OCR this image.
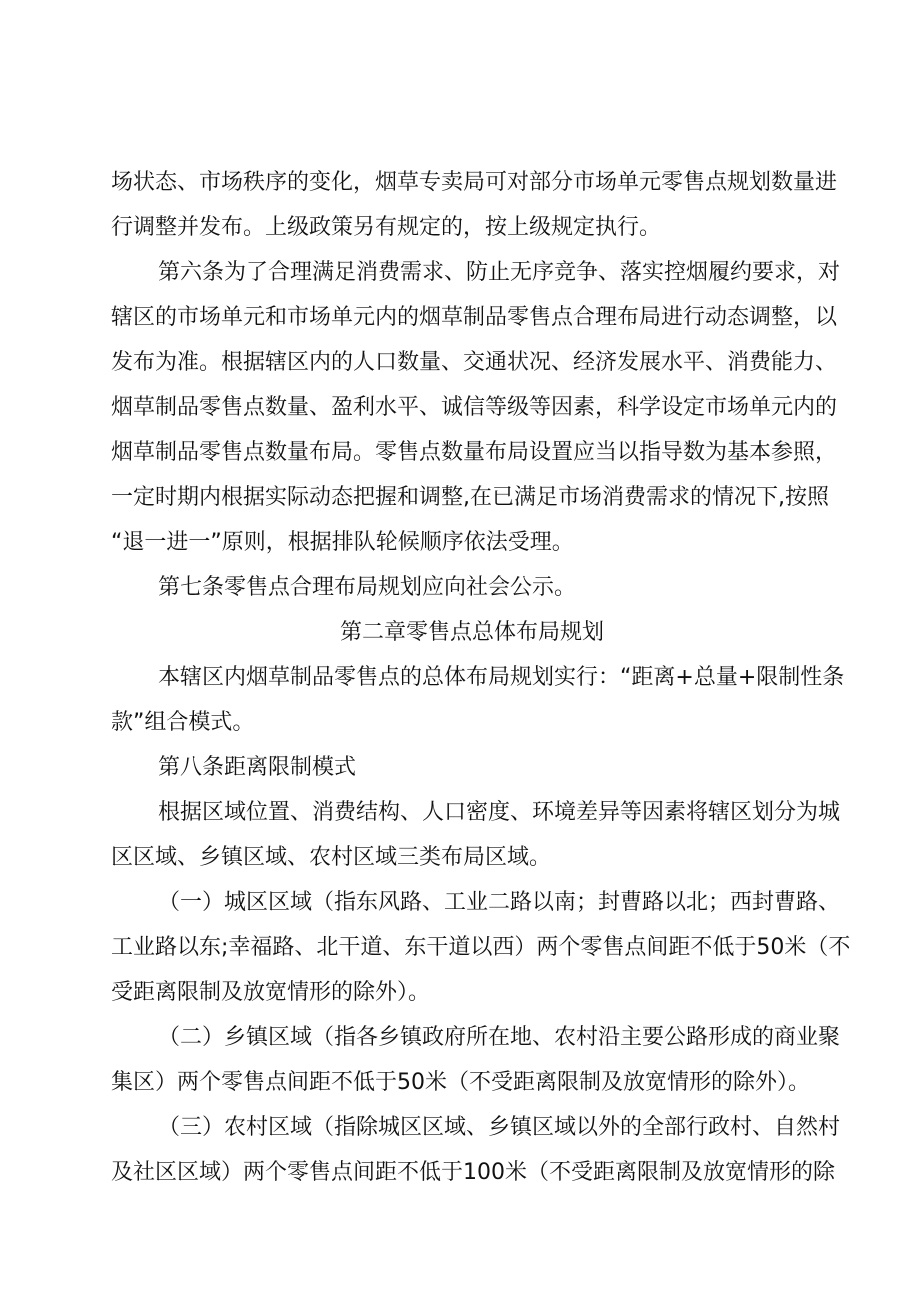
场状态、市场秩序的变化，烟草专卖局可对部分市场单元零售点规划数量进
行调整并发布。上级政策另有规定的，按上级规定执行。
第六条为了合理满足消费需求、防止无序竞争、落实控烟履约要求，对
辖区的市场单元和市场单元内的烟草制品零售点合理布局进行动态调整，以
发布为准。根据辖区内的人口数量、交通状况、经济发展水平、消费能力、
烟草制品零售点数量、盈利水平、诚信等级等因素，科学设定市场单元内的
烟草制品零售点数量布局。零售点数量布局设置应当以指导数为基本参照，
一定时期内根据实际动态把握和调整,在已满足市场消费需求的情况下,按照
“退一进一”原则，根据排队轮候顺序依法受理。
第七条零售点合理布局规划应向社会公示。
第二章零售点总体布局规划
本辖区内烟草制品零售点的总体布局规划实行：“距离+总量+限制性条
款”组合模式。
第八条距离限制模式
根据区域位置、消费结构、人口密度、环境差异等因素将辖区划分为城
区区域、乡镇区域、农村区域三类布局区域。
（一）城区区域（指东风路、工业二路以南；封曹路以北；西封曹路、
工业路以东;幸福路、北干道、东干道以西）两个零售点间距不低于50米（不
受距离限制及放宽情形的除外）。
（二）乡镇区域（指各乡镇政府所在地、农村沿主要公路形成的商业聚
集区）两个零售点间距不低于50米（不受距离限制及放宽情形的除外）。
（三）农村区域（指除城区区域、乡镇区域以外的全部行政村、自然村
及社区区域）两个零售点间距不低于100米（不受距离限制及放宽情形的除
